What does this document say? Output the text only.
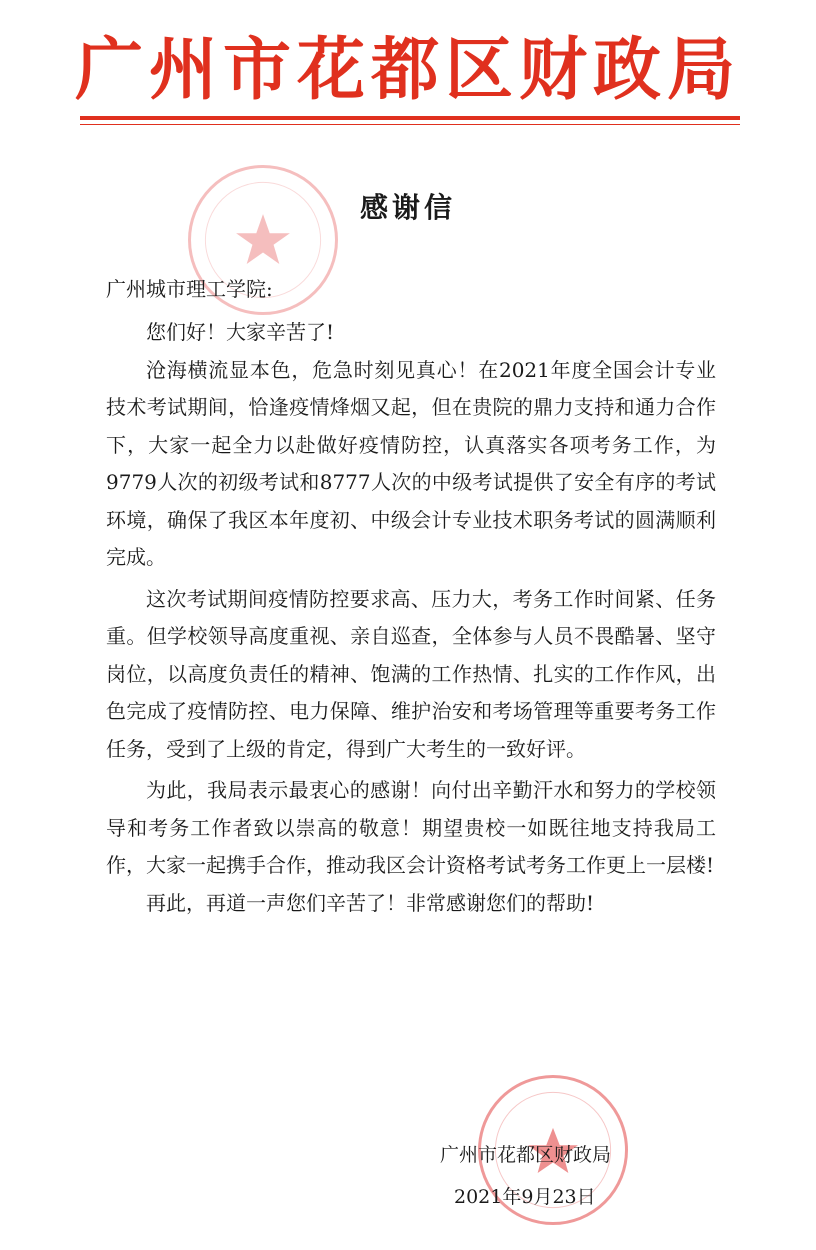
广州市花都区财政局
感谢信
广州城市理工学院:

您们好！大家辛苦了!

沧海横流显本色，危急时刻见真心！在2021年度全国会计专业技术考试期间，恰逢疫情烽烟又起，但在贵院的鼎力支持和通力合作下，大家一起全力以赴做好疫情防控，认真落实各项考务工作，为9779人次的初级考试和8777人次的中级考试提供了安全有序的考试环境，确保了我区本年度初、中级会计专业技术职务考试的圆满顺利完成。

这次考试期间疫情防控要求高、压力大，考务工作时间紧、任务重。但学校领导高度重视、亲自巡查，全体参与人员不畏酷暑、坚守岗位，以高度负责任的精神、饱满的工作热情、扎实的工作作风，出色完成了疫情防控、电力保障、维护治安和考场管理等重要考务工作任务，受到了上级的肯定，得到广大考生的一致好评。

为此，我局表示最衷心的感谢！向付出辛勤汗水和努力的学校领导和考务工作者致以崇高的敬意！期望贵校一如既往地支持我局工作，大家一起携手合作，推动我区会计资格考试考务工作更上一层楼!

再此，再道一声您们辛苦了！非常感谢您们的帮助!

广州市花都区财政局
2021年9月23日
